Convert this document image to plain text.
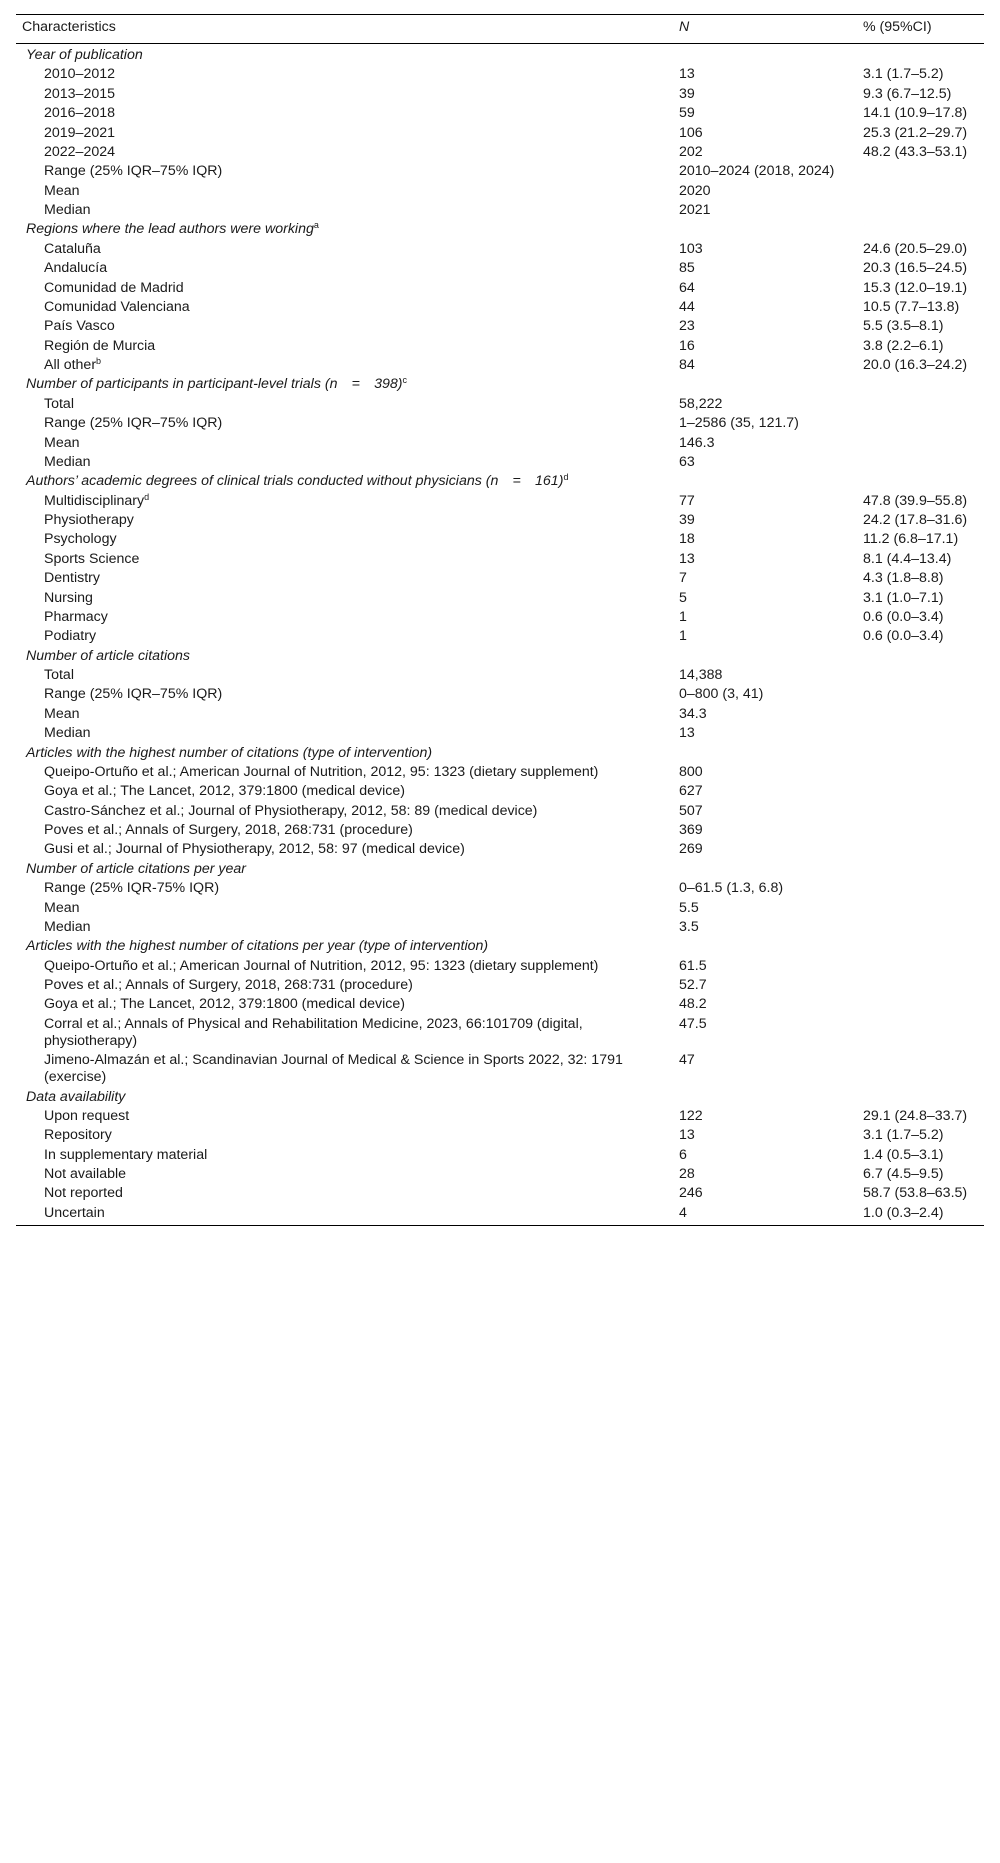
Characteristics	N	% (95%CI)
Year of publication		
2010–2012	13	3.1 (1.7–5.2)
2013–2015	39	9.3 (6.7–12.5)
2016–2018	59	14.1 (10.9–17.8)
2019–2021	106	25.3 (21.2–29.7)
2022–2024	202	48.2 (43.3–53.1)
Range (25% IQR–75% IQR)	2010–2024 (2018, 2024)	
Mean	2020	
Median	2021	
Regions where the lead authors were working$^a$
Cataluña	103	24.6 (20.5–29.0)
Andalucía	85	20.3 (16.5–24.5)
Comunidad de Madrid	64	15.3 (12.0–19.1)
Comunidad Valenciana	44	10.5 (7.7–13.8)
País Vasco	23	5.5 (3.5–8.1)
Región de Murcia	16	3.8 (2.2–6.1)
All other$^b$	84	20.0 (16.3–24.2)
Number of participants in participant-level trials (n  =  398)$^c$
Total	58,222	
Range (25% IQR–75% IQR)	1–2586 (35, 121.7)	
Mean	146.3	
Median	63	
Authors’ academic degrees of clinical trials conducted without physicians (n  =  161)$^d$
Multidisciplinary$^d$	77	47.8 (39.9–55.8)
Physiotherapy	39	24.2 (17.8–31.6)
Psychology	18	11.2 (6.8–17.1)
Sports Science	13	8.1 (4.4–13.4)
Dentistry	7	4.3 (1.8–8.8)
Nursing	5	3.1 (1.0–7.1)
Pharmacy	1	0.6 (0.0–3.4)
Podiatry	1	0.6 (0.0–3.4)
Number of article citations		
Total	14,388	
Range (25% IQR–75% IQR)	0–800 (3, 41)	
Mean	34.3	
Median	13	
Articles with the highest number of citations (type of intervention)		
Queipo-Ortuño et al.; American Journal of Nutrition, 2012, 95: 1323 (dietary supplement)	800	
Goya et al.; The Lancet, 2012, 379:1800 (medical device)	627	
Castro-Sánchez et al.; Journal of Physiotherapy, 2012, 58: 89 (medical device)	507	
Poves et al.; Annals of Surgery, 2018, 268:731 (procedure)	369	
Gusi et al.; Journal of Physiotherapy, 2012, 58: 97 (medical device)	269	
Number of article citations per year		
Range (25% IQR-75% IQR)	0–61.5 (1.3, 6.8)	
Mean	5.5	
Median	3.5	
Articles with the highest number of citations per year (type of intervention)		
Queipo-Ortuño et al.; American Journal of Nutrition, 2012, 95: 1323 (dietary supplement)	61.5	
Poves et al.; Annals of Surgery, 2018, 268:731 (procedure)	52.7	
Goya et al.; The Lancet, 2012, 379:1800 (medical device)	48.2	
Corral et al.; Annals of Physical and Rehabilitation Medicine, 2023, 66:101709 (digital, physiotherapy)	47.5	
Jimeno-Almazán et al.; Scandinavian Journal of Medical & Science in Sports 2022, 32: 1791 (exercise)	47	
Data availability		
Upon request	122	29.1 (24.8–33.7)
Repository	13	3.1 (1.7–5.2)
In supplementary material	6	1.4 (0.5–3.1)
Not available	28	6.7 (4.5–9.5)
Not reported	246	58.7 (53.8–63.5)
Uncertain	4	1.0 (0.3–2.4)
